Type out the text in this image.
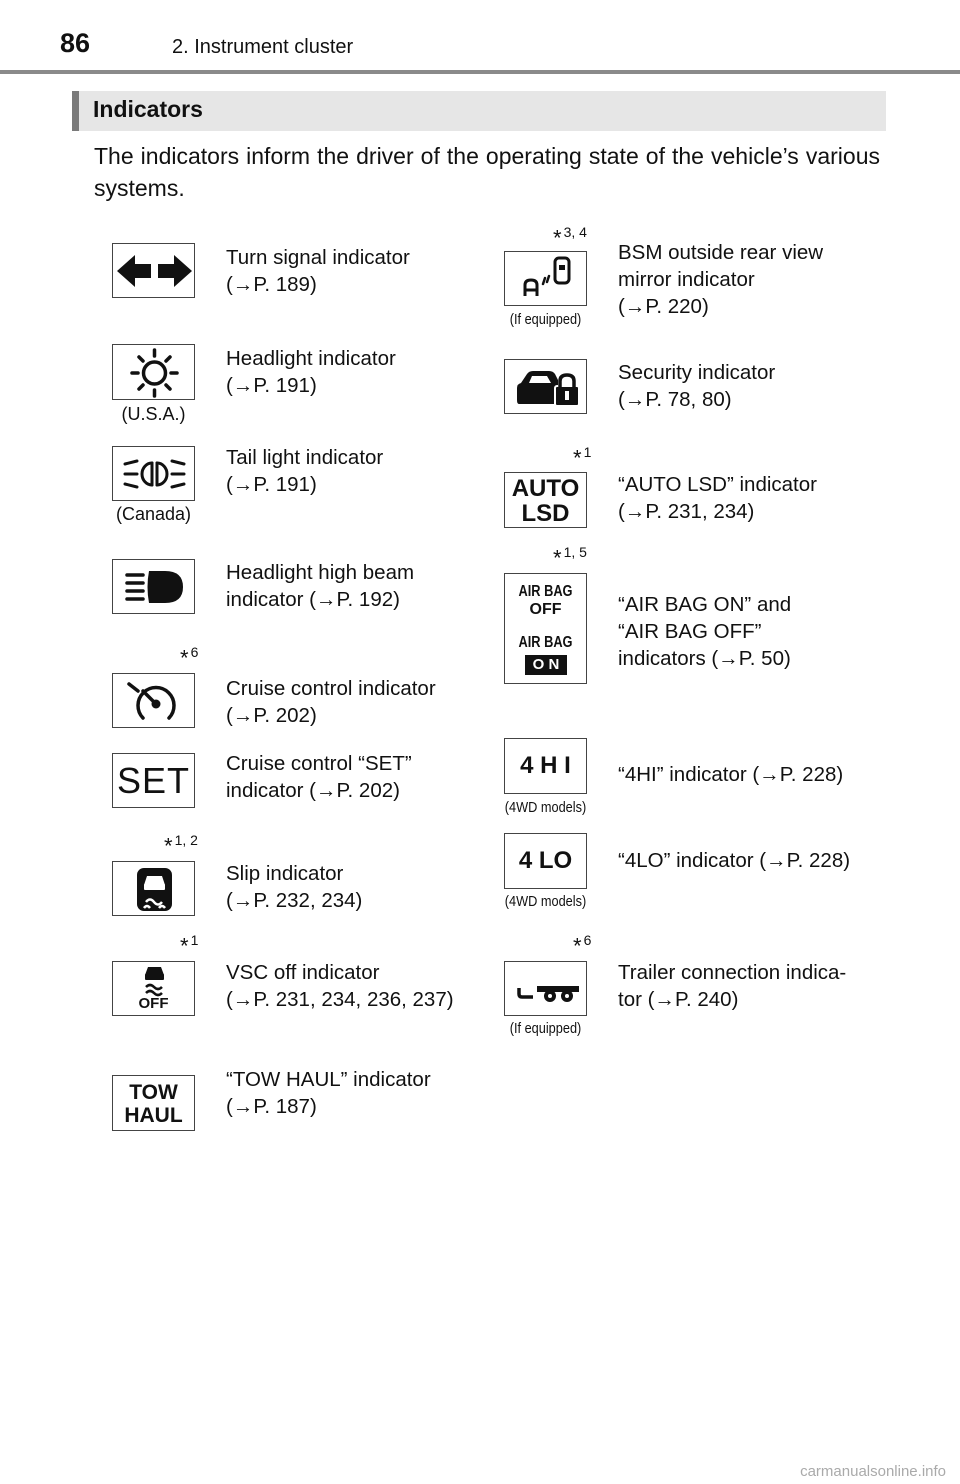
86	2. Instrument cluster
Indicators
The indicators inform the driver of the operating state of the vehicle’s various systems.
Turn signal indicator
(→P. 189)
(U.S.A.)
Headlight indicator
(→P. 191)
(Canada)
Tail light indicator
(→P. 191)
Headlight high beam
indicator (→P. 192)
* $_6$
Cruise control indicator
(→P. 202)
SET Cruise control “SET”
indicator (→P. 202)
* $_{1, 2}$
Slip indicator
(→P. 232, 234)
* $_1$
OFF
VSC off indicator
(→P. 231, 234, 236, 237)
TOW
HAUL
“TOW HAUL” indicator
(→P. 187)
* $_{3, 4}$
(If equipped)
BSM outside rear view
mirror indicator
(→P. 220)
Security indicator
(→P. 78, 80)
* $_1$
AUTO
LSD
“AUTO LSD” indicator
(→P. 231, 234)
* $_{1, 5}$
AIR BAG
OFF
AIR BAG
O N
“AIR BAG ON” and
“AIR BAG OFF”
indicators (→P. 50)
4 H I
(4WD models)
“4HI” indicator (→P. 228)
4 LO
(4WD models)
“4LO” indicator (→P. 228)
* $_6$
(If equipped)
Trailer connection indica-
tor (→P. 240)
carmanualsonline.info
